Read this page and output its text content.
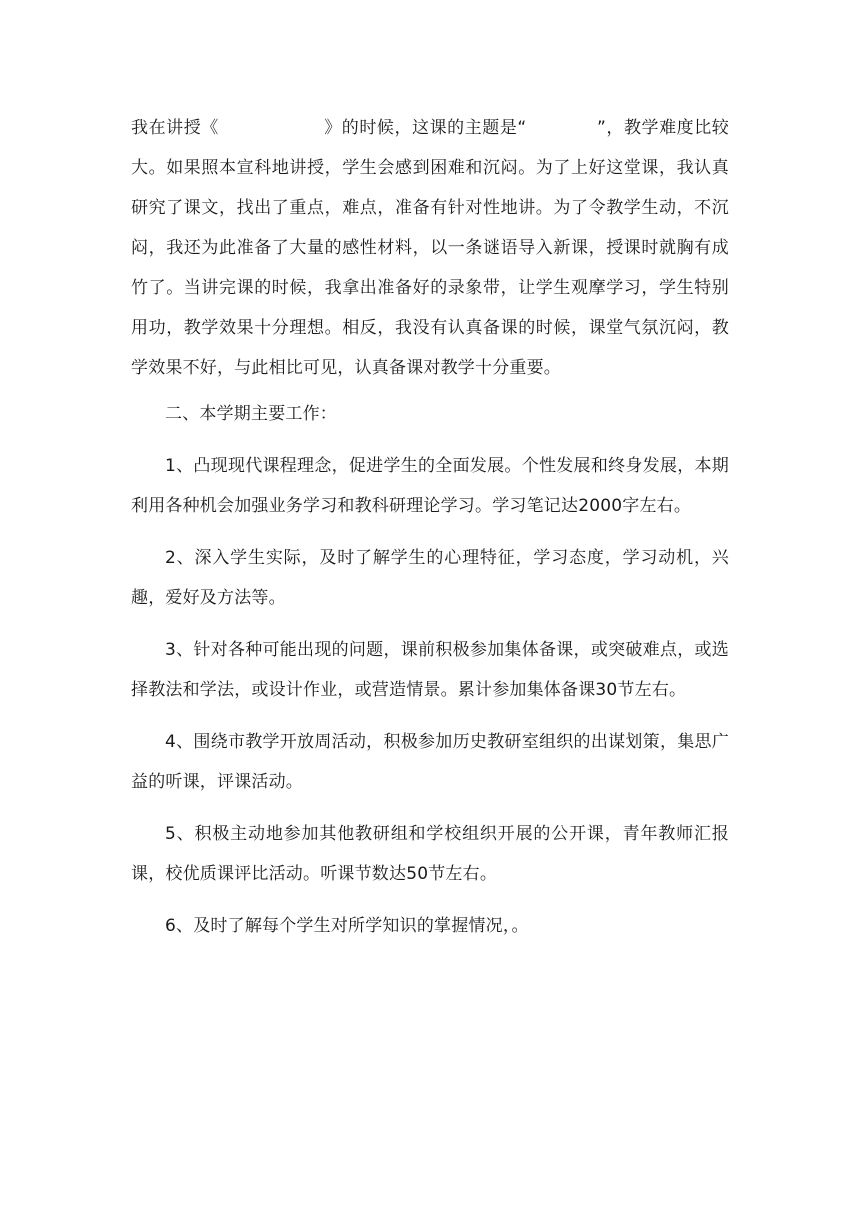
我在讲授《　　　　　　》的时候，这课的主题是“　　　　”，教学难度比较大。如果照本宣科地讲授，学生会感到困难和沉闷。为了上好这堂课，我认真研究了课文，找出了重点，难点，准备有针对性地讲。为了令教学生动，不沉闷，我还为此准备了大量的感性材料，以一条谜语导入新课，授课时就胸有成竹了。当讲完课的时候，我拿出准备好的录象带，让学生观摩学习，学生特别用功，教学效果十分理想。相反，我没有认真备课的时候，课堂气氛沉闷，教学效果不好，与此相比可见，认真备课对教学十分重要。

二、本学期主要工作：

1、凸现现代课程理念，促进学生的全面发展。个性发展和终身发展，本期利用各种机会加强业务学习和教科研理论学习。学习笔记达2000字左右。

2、深入学生实际，及时了解学生的心理特征，学习态度，学习动机，兴趣，爱好及方法等。

3、针对各种可能出现的问题，课前积极参加集体备课，或突破难点，或选择教法和学法，或设计作业，或营造情景。累计参加集体备课30节左右。

4、围绕市教学开放周活动，积极参加历史教研室组织的出谋划策，集思广益的听课，评课活动。

5、积极主动地参加其他教研组和学校组织开展的公开课，青年教师汇报课，校优质课评比活动。听课节数达50节左右。

6、及时了解每个学生对所学知识的掌握情况，。
